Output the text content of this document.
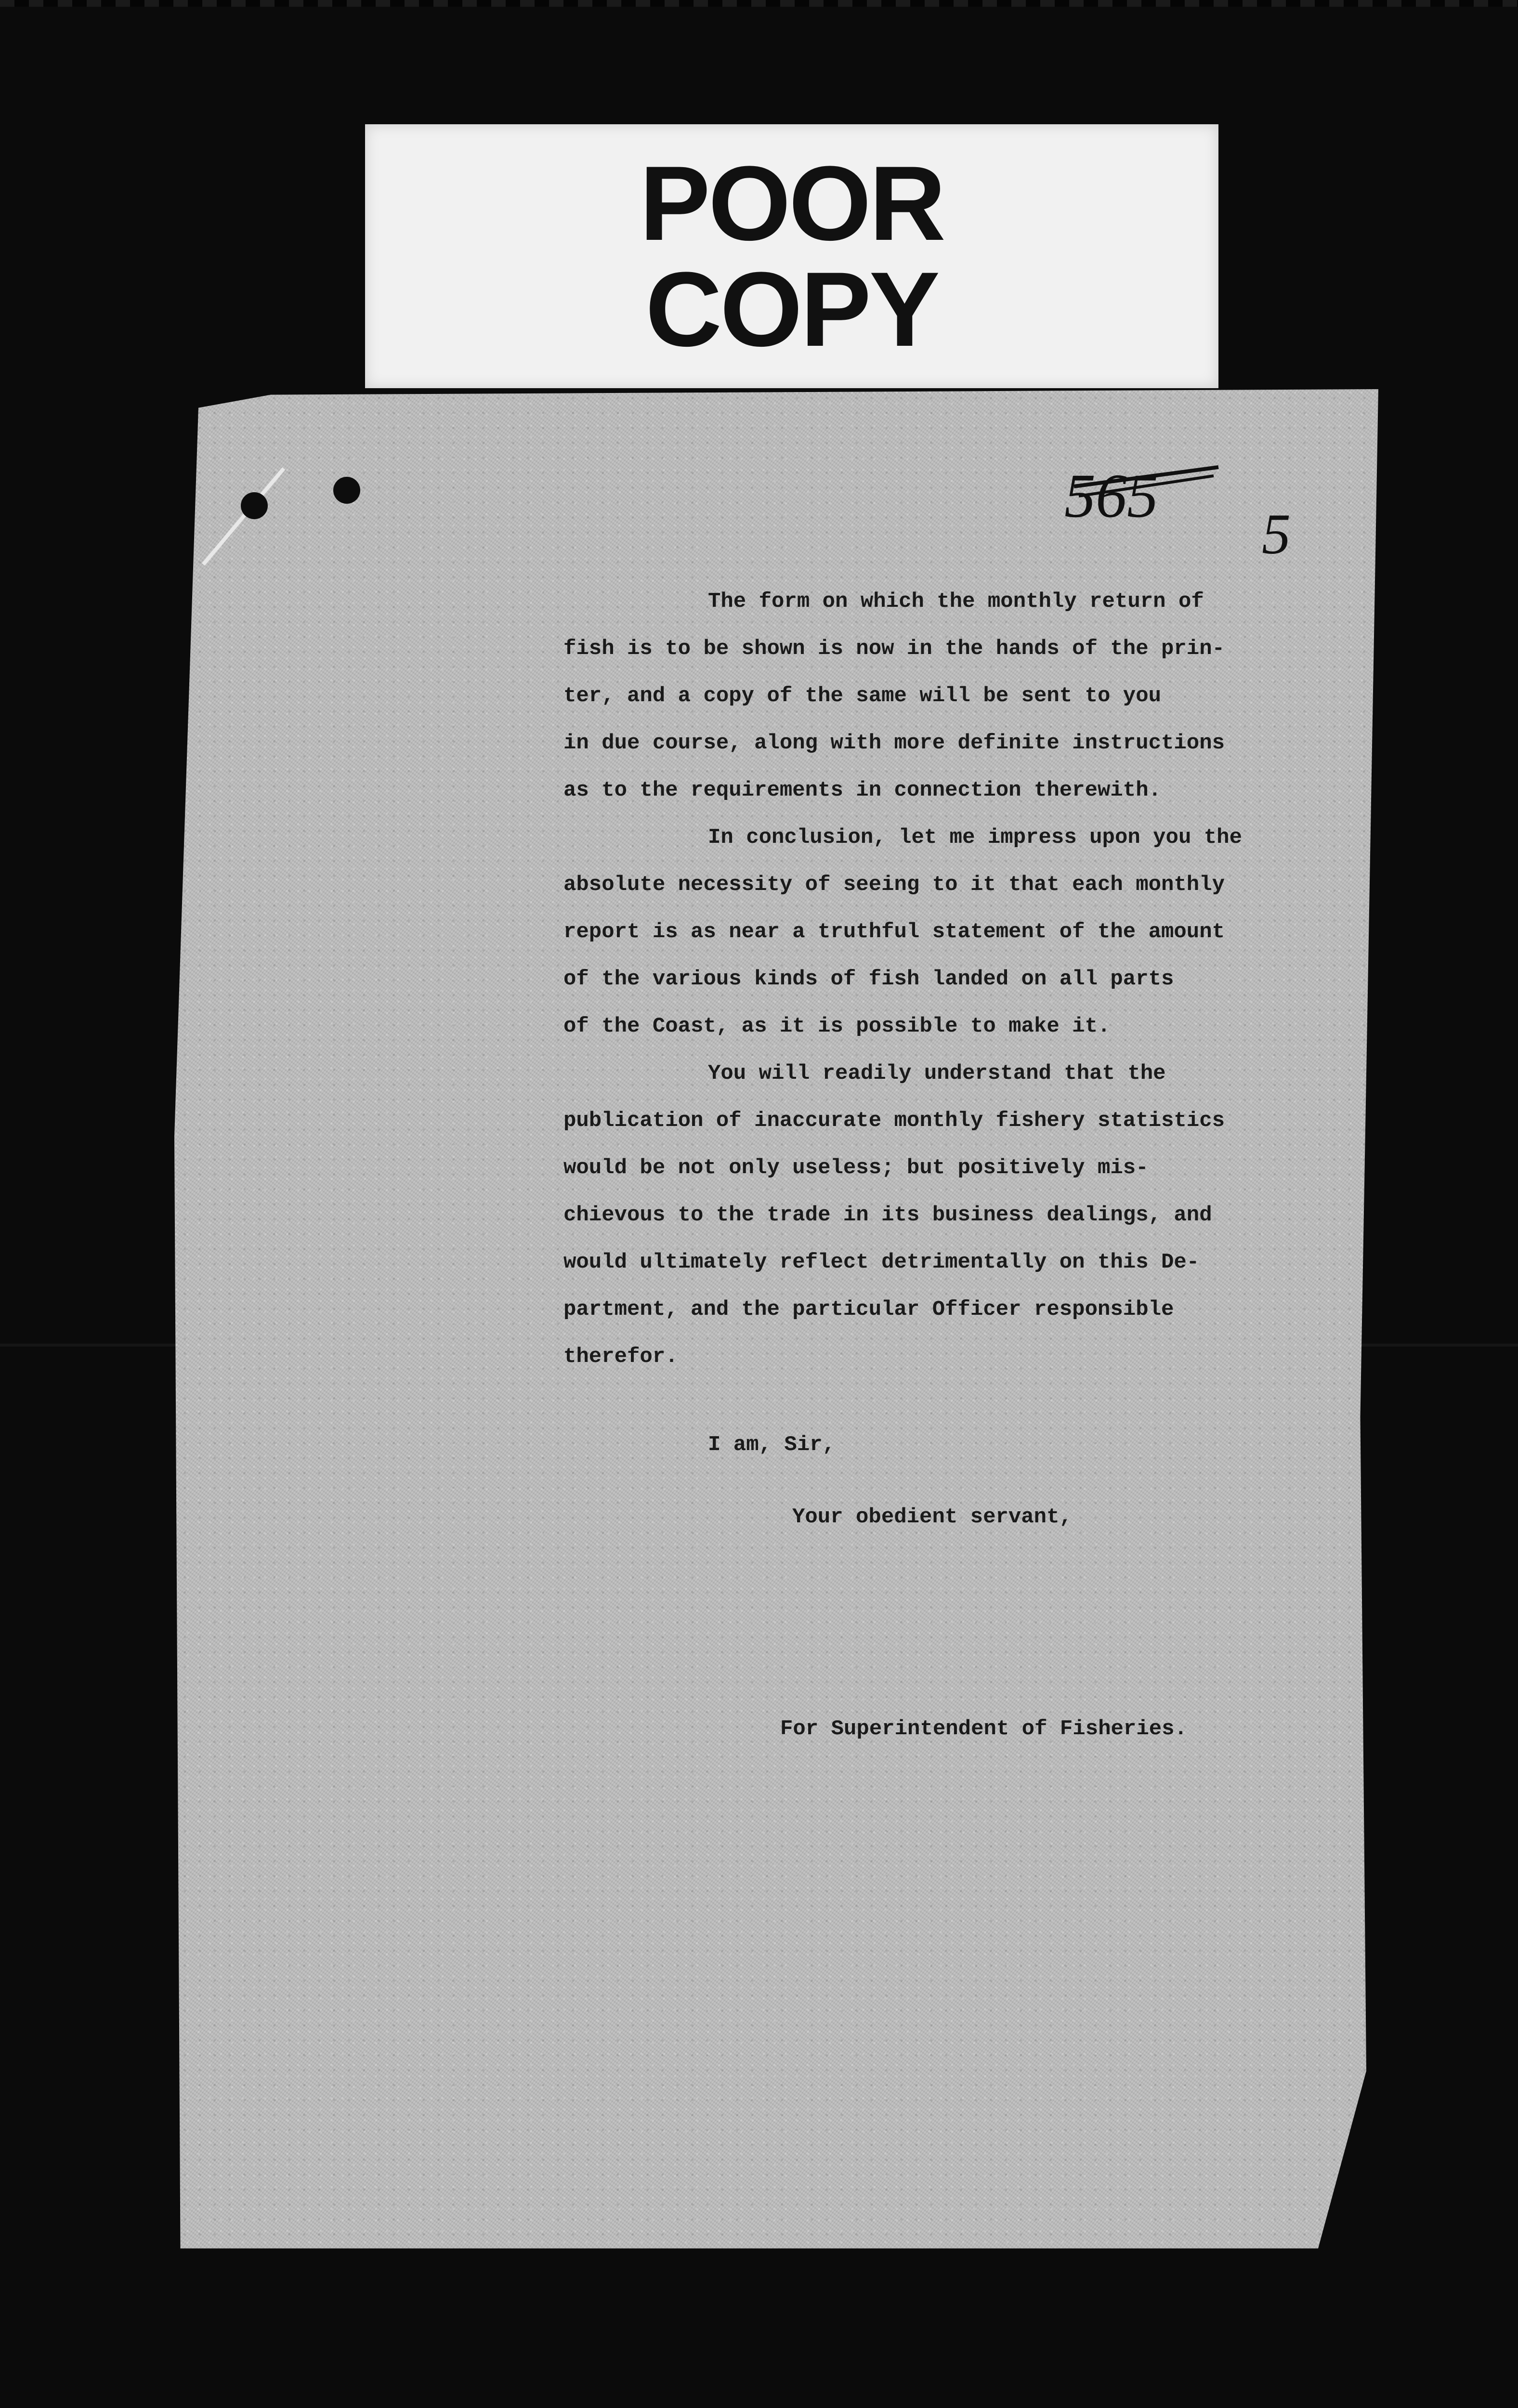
POOR
COPY
565
5

The form on which the monthly return of
fish is to be shown is now in the hands of the prin-
ter, and a copy of the same will be sent to you
in due course, along with more definite instructions
as to the requirements in connection therewith.

In conclusion, let me impress upon you the
absolute necessity of seeing to it that each monthly
report is as near a truthful statement of the amount
of the various kinds of fish landed on all parts
of the Coast, as it is possible to make it.

You will readily understand that the
publication of inaccurate monthly fishery statistics
would be not only useless; but positively mis-
chievous to the trade in its business dealings, and
would ultimately reflect detrimentally on this De-
partment, and the particular Officer responsible
therefor.

I am, Sir,
Your obedient servant,
For Superintendent of Fisheries.
